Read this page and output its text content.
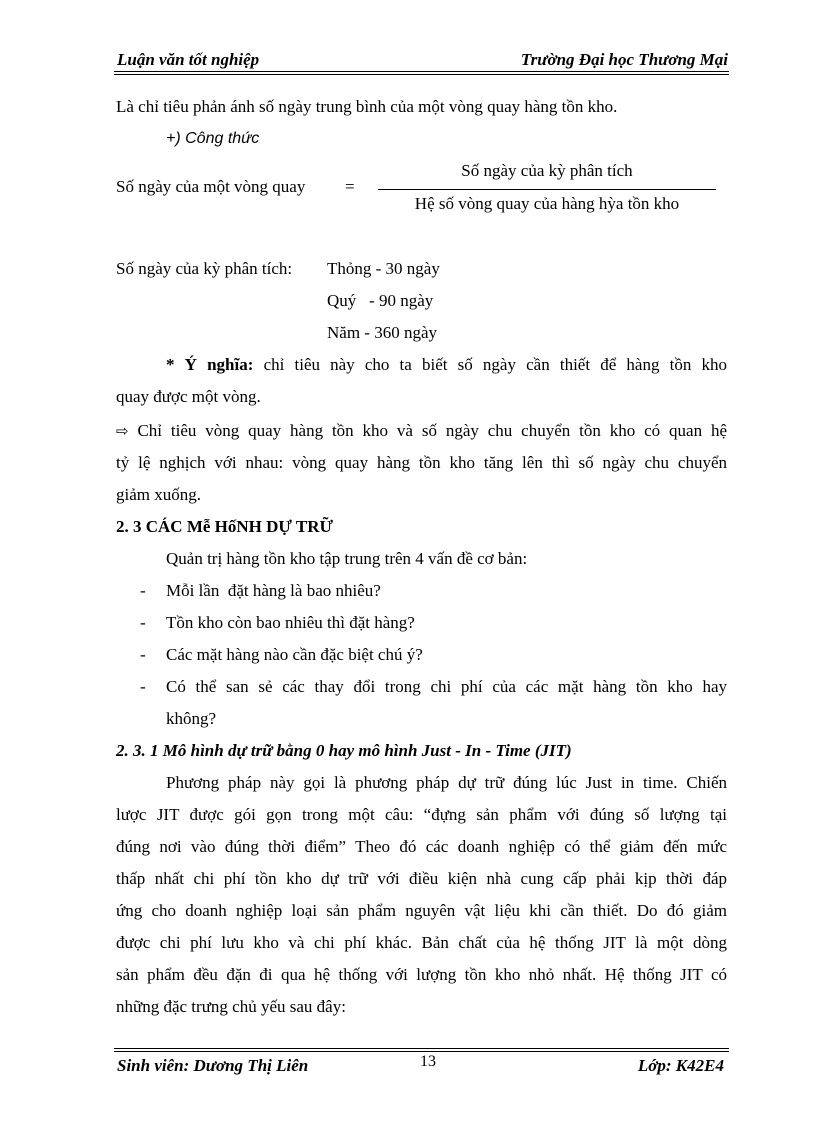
Luận văn tốt nghiệp	Trường Đại học Thương Mại
Là chỉ tiêu phản ánh số ngày trung bình của một vòng quay hàng tồn kho.
+) Công thức
Số ngày của một vòng quay =
Số ngày của kỳ phân tích
Hệ số vòng quay của hàng hỳa tồn kho
Số ngày của kỳ phân tích: Thỏng - 30 ngày
Quý   - 90 ngày
Năm - 360 ngày
* Ý nghĩa: chỉ tiêu này cho ta biết số ngày cần thiết để hàng tồn kho
quay được một vòng.
⇨ Chỉ tiêu vòng quay hàng tồn kho và số ngày chu chuyển tồn kho có quan hệ
tỷ lệ nghịch với nhau: vòng quay hàng tồn kho tăng lên thì số ngày chu chuyển
giảm xuống.
2. 3 CÁC Mễ HốNH DỰ TRỮ
Quản trị hàng tồn kho tập trung trên 4 vấn đề cơ bản:
- Mỗi lần  đặt hàng là bao nhiêu?
- Tồn kho còn bao nhiêu thì đặt hàng?
- Các mặt hàng nào cần đặc biệt chú ý?
- Có thể san sẻ các thay đổi trong chi phí của các mặt hàng tồn kho hay
không?
2. 3. 1 Mô hình dự trữ bằng 0 hay mô hình Just - In - Time (JIT)
Phương pháp này gọi là phương pháp dự trữ đúng lúc Just in time. Chiến
lược JIT được gói gọn trong một câu: “đựng sản phẩm với đúng số lượng tại
đúng nơi vào đúng thời điểm” Theo đó các doanh nghiệp có thể giảm đến mức
thấp nhất chi phí tồn kho dự trữ với điều kiện nhà cung cấp phải kịp thời đáp
ứng cho doanh nghiệp loại sản phẩm nguyên vật liệu khi cần thiết. Do đó giảm
được chi phí lưu kho và chi phí khác. Bản chất của hệ thống JIT là một dòng
sản phẩm đều đặn đi qua hệ thống với lượng tồn kho nhỏ nhất. Hệ thống JIT có
những đặc trưng chủ yếu sau đây:
13
Sinh viên: Dương Thị Liên	Lớp: K42E4
